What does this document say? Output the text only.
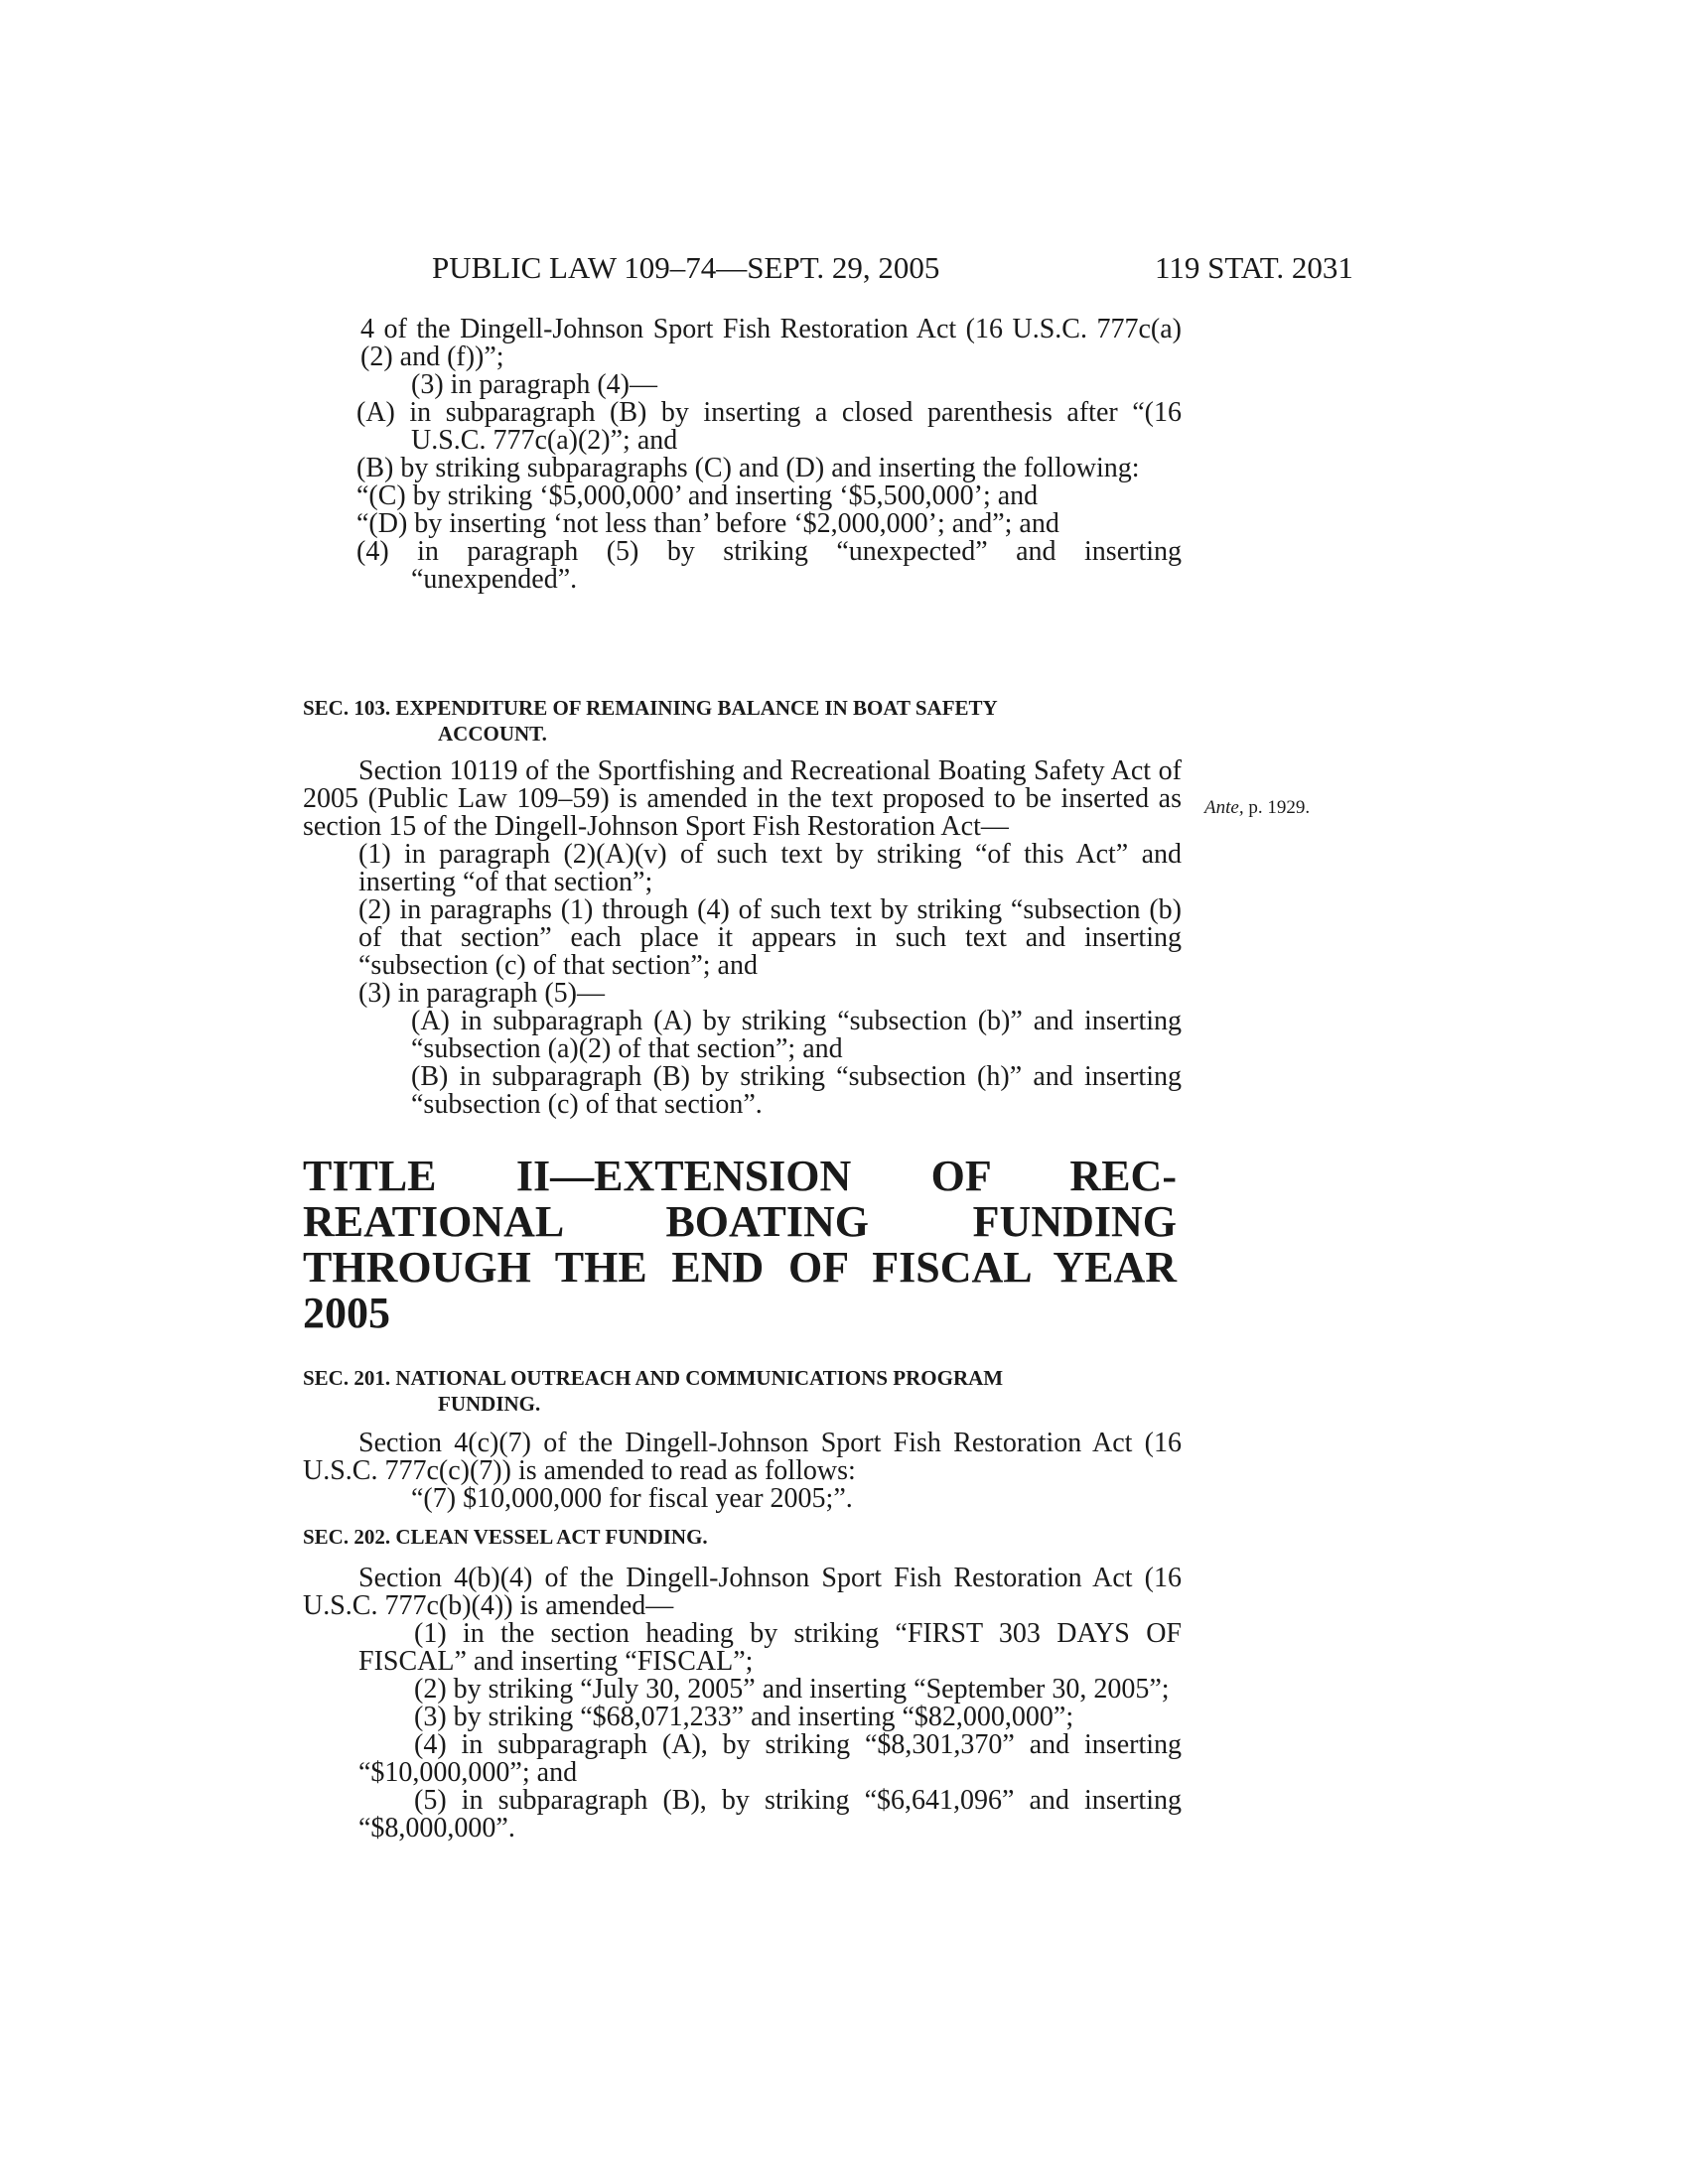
PUBLIC LAW 109–74—SEPT. 29, 2005	119 STAT. 2031

4 of the Dingell-Johnson Sport Fish Restoration Act (16 U.S.C. 777c(a)(2) and (f))”;

(3) in paragraph (4)—

(A) in subparagraph (B) by inserting a closed parenthesis after “(16 U.S.C. 777c(a)(2)”; and

(B) by striking subparagraphs (C) and (D) and inserting the following:

“(C) by striking ‘$5,000,000’ and inserting ‘$5,500,000’; and

“(D) by inserting ‘not less than’ before ‘$2,000,000’; and”; and

(4) in paragraph (5) by striking “unexpected” and inserting “unexpended”.

SEC. 103. EXPENDITURE OF REMAINING BALANCE IN BOAT SAFETY
ACCOUNT.
Ante, p. 1929.

Section 10119 of the Sportfishing and Recreational Boating Safety Act of 2005 (Public Law 109–59) is amended in the text proposed to be inserted as section 15 of the Dingell-Johnson Sport Fish Restoration Act—

(1) in paragraph (2)(A)(v) of such text by striking “of this Act” and inserting “of that section”;

(2) in paragraphs (1) through (4) of such text by striking “subsection (b) of that section” each place it appears in such text and inserting “subsection (c) of that section”; and

(3) in paragraph (5)—

(A) in subparagraph (A) by striking “subsection (b)” and inserting “subsection (a)(2) of that section”; and

(B) in subparagraph (B) by striking “subsection (h)” and inserting “subsection (c) of that section”.

TITLE II—EXTENSION OF RECREATIONAL BOATING FUNDING THROUGH THE END OF FISCAL YEAR 2005
SEC. 201. NATIONAL OUTREACH AND COMMUNICATIONS PROGRAM
FUNDING.

Section 4(c)(7) of the Dingell-Johnson Sport Fish Restoration Act (16 U.S.C. 777c(c)(7)) is amended to read as follows:

“(7) $10,000,000 for fiscal year 2005;”.

SEC. 202. CLEAN VESSEL ACT FUNDING.

Section 4(b)(4) of the Dingell-Johnson Sport Fish Restoration Act (16 U.S.C. 777c(b)(4)) is amended—

(1) in the section heading by striking “FIRST 303 DAYS OF FISCAL” and inserting “FISCAL”;

(2) by striking “July 30, 2005” and inserting “September 30, 2005”;

(3) by striking “$68,071,233” and inserting “$82,000,000”;

(4) in subparagraph (A), by striking “$8,301,370” and inserting “$10,000,000”; and

(5) in subparagraph (B), by striking “$6,641,096” and inserting “$8,000,000”.
